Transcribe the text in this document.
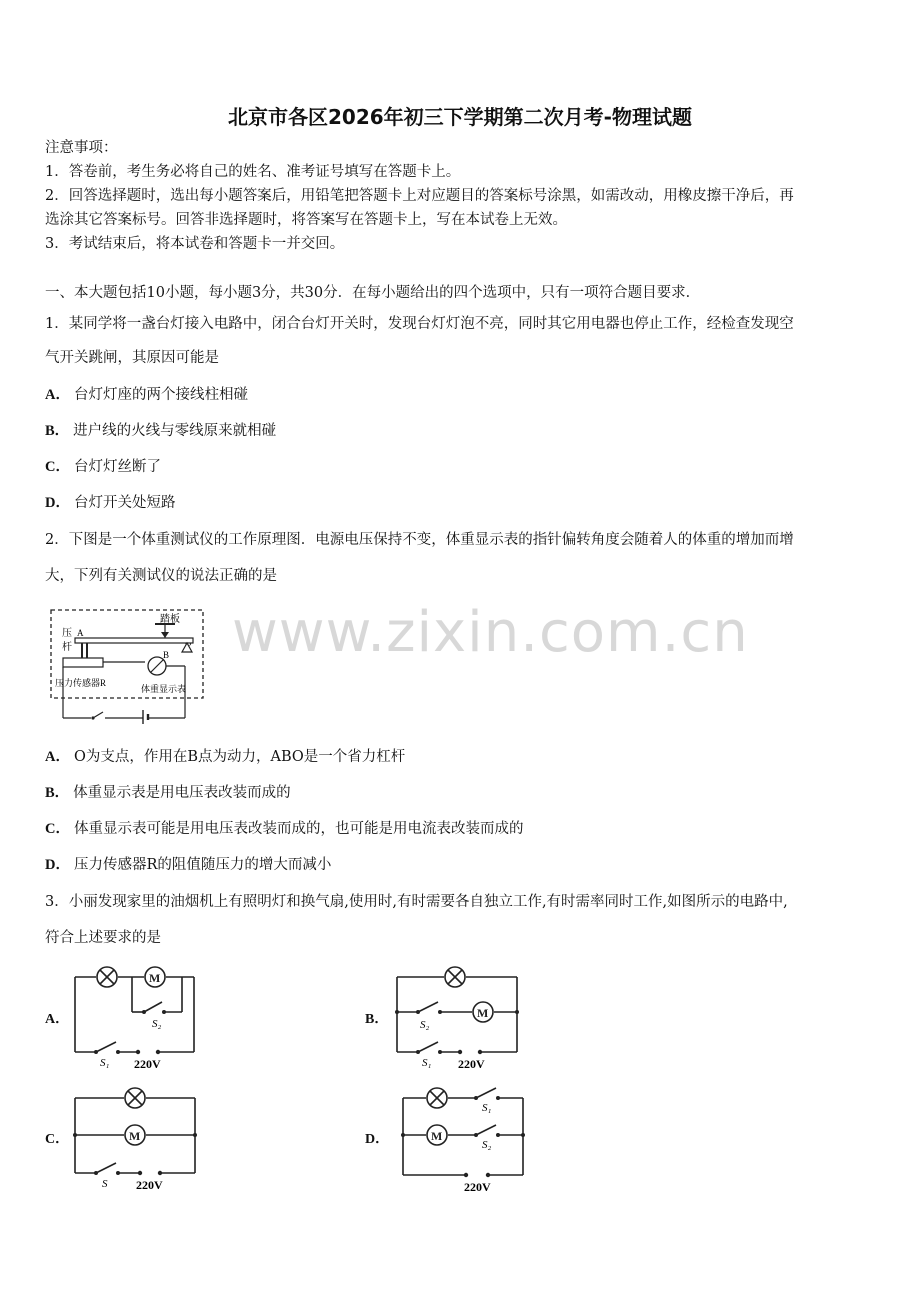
北京市各区2026年初三下学期第二次月考-物理试题
注意事项：
1．答卷前，考生务必将自己的姓名、准考证号填写在答题卡上。
2．回答选择题时，选出每小题答案后，用铅笔把答题卡上对应题目的答案标号涂黑，如需改动，用橡皮擦干净后，再
选涂其它答案标号。回答非选择题时，将答案写在答题卡上，写在本试卷上无效。
3．考试结束后，将本试卷和答题卡一并交回。
一、本大题包括10小题，每小题3分，共30分．在每小题给出的四个选项中，只有一项符合题目要求．
1．某同学将一盏台灯接入电路中，闭合台灯开关时，发现台灯灯泡不亮，同时其它用电器也停止工作，经检查发现空
气开关跳闸，其原因可能是
A． 台灯灯座的两个接线柱相碰
B． 进户线的火线与零线原来就相碰
C． 台灯灯丝断了
D． 台灯开关处短路
2．下图是一个体重测试仪的工作原理图．电源电压保持不变，体重显示表的指针偏转角度会随着人的体重的增加而增
大，下列有关测试仪的说法正确的是
压
杆
A
踏板
B
压力传感器R
体重显示表
www.zixin.com.cn
A． O为支点，作用在B点为动力，ABO是一个省力杠杆
B． 体重显示表是用电压表改装而成的
C． 体重显示表可能是用电压表改装而成的，也可能是用电流表改装而成的
D． 压力传感器R的阻值随压力的增大而减小
3．小丽发现家里的油烟机上有照明灯和换气扇,使用时,有时需要各自独立工作,有时需率同时工作,如图所示的电路中,
符合上述要求的是
A．
M
S₂
S₁ 220V
B．	M
S₂
S₁ 220V
C．	M
S 220V
D．	M
S₁
S₂
220V
